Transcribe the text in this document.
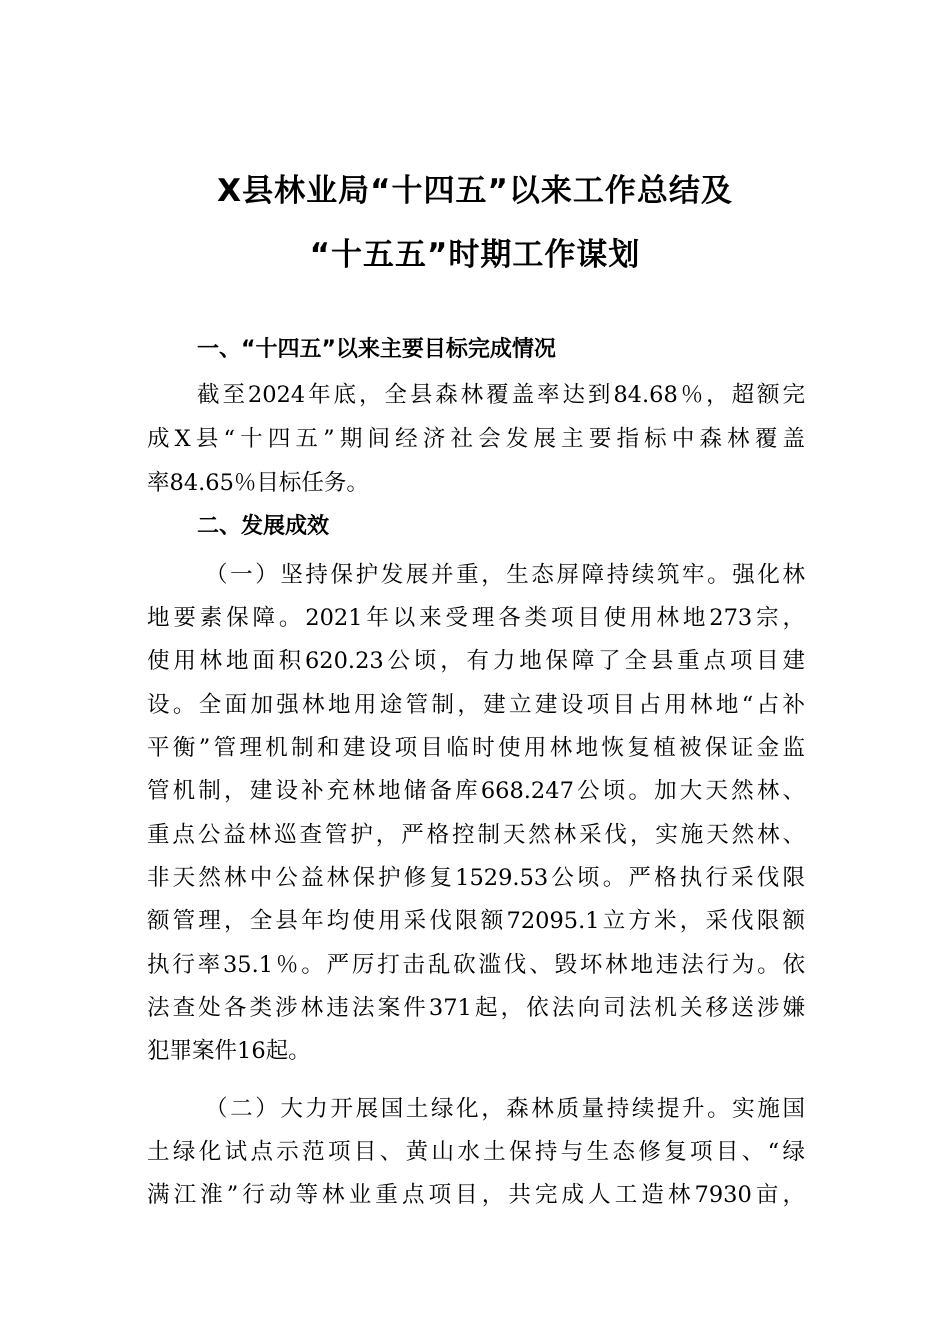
X县林业局“十四五”以来工作总结及
“十五五”时期工作谋划
一、“十四五”以来主要目标完成情况
截至2024年底，全县森林覆盖率达到84.68％，超额完
成X县“十四五”期间经济社会发展主要指标中森林覆盖
率84.65％目标任务。
二、发展成效
（一）坚持保护发展并重，生态屏障持续筑牢。强化林
地要素保障。2021年以来受理各类项目使用林地273宗，
使用林地面积620.23公顷，有力地保障了全县重点项目建
设。全面加强林地用途管制，建立建设项目占用林地“占补
平衡”管理机制和建设项目临时使用林地恢复植被保证金监
管机制，建设补充林地储备库668.247公顷。加大天然林、
重点公益林巡查管护，严格控制天然林采伐，实施天然林、
非天然林中公益林保护修复1529.53公顷。严格执行采伐限
额管理，全县年均使用采伐限额72095.1立方米，采伐限额
执行率35.1％。严厉打击乱砍滥伐、毁坏林地违法行为。依
法查处各类涉林违法案件371起，依法向司法机关移送涉嫌
犯罪案件16起。
（二）大力开展国土绿化，森林质量持续提升。实施国
土绿化试点示范项目、黄山水土保持与生态修复项目、“绿
满江淮”行动等林业重点项目，共完成人工造林7930亩，
